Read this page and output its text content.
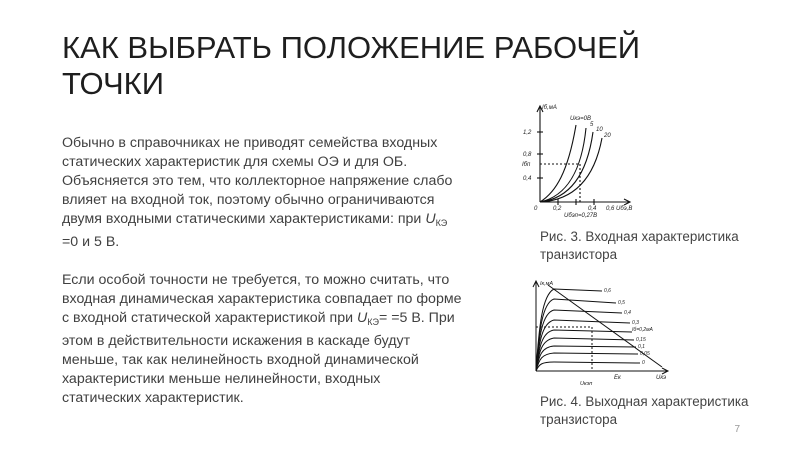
КАК ВЫБРАТЬ ПОЛОЖЕНИЕ РАБОЧЕЙ ТОЧКИ

Обычно в справочниках не приводят семейства входных статических характеристик для схемы ОЭ и для ОБ. Объясняется это тем, что коллекторное напряжение слабо влияет на входной ток, поэтому обычно ограничиваются двумя входными статическими характеристиками: при $U_{КЭ} =0$ и 5 В.

Если особой точности не требуется, то можно считать, что входная динамическая характеристика совпадает по форме с входной статической характеристикой при $U_{КЭ}= =5$ В. При этом в действительности искажения в каскаде будут меньше, так как нелинейность входной динамической характеристики меньше нелинейности, входных статических характеристик.

Iб,мА
1,2
0,8
0,4
Iбп
Uкэ=0В
5
10
20
0	0,2	0,4 0,6 Uбэ,В
Uбэп=0,27В
Рис. 3. Входная характеристика транзистора
Iк,мА
0,6
0,5
0,4
0,3
Iб=0,2мА
0,15
0,1
0,05
0
Uкэ
Ек
Uкэп
Рис. 4. Выходная характеристика транзистора
7
